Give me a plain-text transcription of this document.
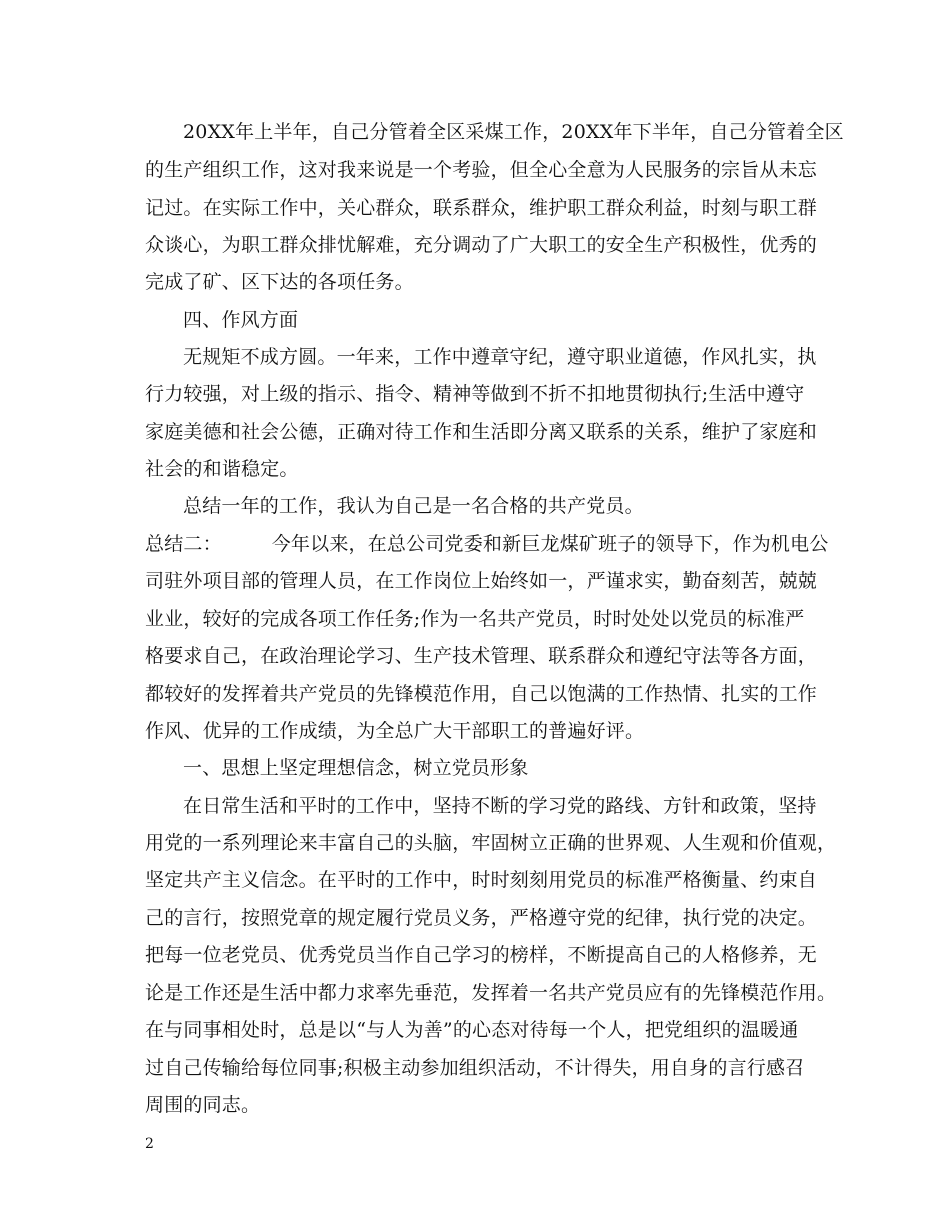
20XX年上半年，自己分管着全区采煤工作，20XX年下半年，自己分管着全区
的生产组织工作，这对我来说是一个考验，但全心全意为人民服务的宗旨从未忘
记过。在实际工作中，关心群众，联系群众，维护职工群众利益，时刻与职工群
众谈心，为职工群众排忧解难，充分调动了广大职工的安全生产积极性，优秀的
完成了矿、区下达的各项任务。
四、作风方面
无规矩不成方圆。一年来，工作中遵章守纪，遵守职业道德，作风扎实，执
行力较强，对上级的指示、指令、精神等做到不折不扣地贯彻执行;生活中遵守
家庭美德和社会公德，正确对待工作和生活即分离又联系的关系，维护了家庭和
社会的和谐稳定。
总结一年的工作，我认为自己是一名合格的共产党员。
总结二：        今年以来，在总公司党委和新巨龙煤矿班子的领导下，作为机电公
司驻外项目部的管理人员，在工作岗位上始终如一，严谨求实，勤奋刻苦，兢兢
业业，较好的完成各项工作任务;作为一名共产党员，时时处处以党员的标准严
格要求自己，在政治理论学习、生产技术管理、联系群众和遵纪守法等各方面，
都较好的发挥着共产党员的先锋模范作用，自己以饱满的工作热情、扎实的工作
作风、优异的工作成绩，为全总广大干部职工的普遍好评。
一、思想上坚定理想信念，树立党员形象
在日常生活和平时的工作中，坚持不断的学习党的路线、方针和政策，坚持
用党的一系列理论来丰富自己的头脑，牢固树立正确的世界观、人生观和价值观，
坚定共产主义信念。在平时的工作中，时时刻刻用党员的标准严格衡量、约束自
己的言行，按照党章的规定履行党员义务，严格遵守党的纪律，执行党的决定。
把每一位老党员、优秀党员当作自己学习的榜样，不断提高自己的人格修养，无
论是工作还是生活中都力求率先垂范，发挥着一名共产党员应有的先锋模范作用。
在与同事相处时，总是以“与人为善”的心态对待每一个人，把党组织的温暖通
过自己传输给每位同事;积极主动参加组织活动，不计得失，用自身的言行感召
周围的同志。
2
